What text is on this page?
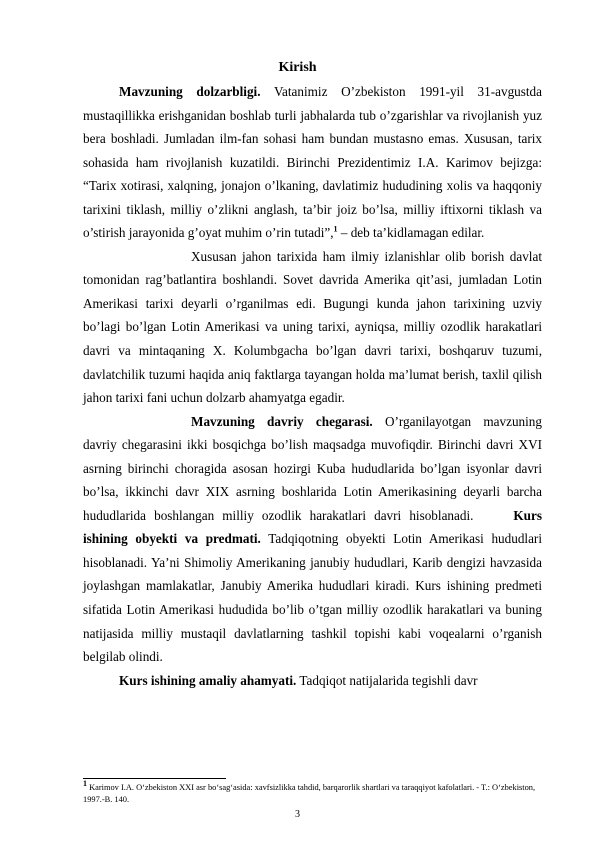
Kirish

Mavzuning dolzarbligi. Vatanimiz O’zbekiston 1991-yil 31-avgustda mustaqillikka erishganidan boshlab turli jabhalarda tub o’zgarishlar va rivojlanish yuz bera boshladi. Jumladan ilm-fan sohasi ham bundan mustasno emas. Xususan, tarix sohasida ham rivojlanish kuzatildi. Birinchi Prezidentimiz I.A. Karimov bejizga: “Tarix xotirasi, xalqning, jonajon o’lkaning, davlatimiz hududining xolis va haqqoniy tarixini tiklash, milliy o’zlikni anglash, ta’bir joiz bo’lsa, milliy iftixorni tiklash va o’stirish jarayonida g’oyat muhim o’rin tutadi”,$^1$ – deb ta’kidlamagan edilar.

Xususan jahon tarixida ham ilmiy izlanishlar olib borish davlat tomonidan rag’batlantira boshlandi. Sovet davrida Amerika qit’asi, jumladan Lotin Amerikasi tarixi deyarli o’rganilmas edi. Bugungi kunda jahon tarixining uzviy bo’lagi bo’lgan Lotin Amerikasi va uning tarixi, ayniqsa, milliy ozodlik harakatlari davri va mintaqaning X. Kolumbgacha bo’lgan davri tarixi, boshqaruv tuzumi, davlatchilik tuzumi haqida aniq faktlarga tayangan holda ma’lumat berish, taxlil qilish jahon tarixi fani uchun dolzarb ahamyatga egadir.

Mavzuning davriy chegarasi. O’rganilayotgan mavzuning davriy chegarasini ikki bosqichga bo’lish maqsadga muvofiqdir. Birinchi davri XVI asrning birinchi choragida asosan hozirgi Kuba hududlarida bo’lgan isyonlar davri bo’lsa, ikkinchi davr XIX asrning boshlarida Lotin Amerikasining deyarli barcha hududlarida boshlangan milliy ozodlik harakatlari davri hisoblanadi.	Kurs ishining obyekti va predmati. Tadqiqotning obyekti Lotin Amerikasi hududlari hisoblanadi. Ya’ni Shimoliy Amerikaning janubiy hududlari, Karib dengizi havzasida joylashgan mamlakatlar, Janubiy Amerika hududlari kiradi. Kurs ishining predmeti sifatida Lotin Amerikasi hududida bo’lib o’tgan milliy ozodlik harakatlari va buning natijasida milliy mustaqil davlatlarning tashkil topishi kabi voqealarni o’rganish belgilab olindi.

Kurs ishining amaliy ahamyati. Tadqiqot natijalarida tegishli davr

$^1$ Karimov I.A. O‘zbekiston XXI asr bo‘sag‘asida: xavfsizlikka tahdid, barqarorlik shartlari va taraqqiyot kafolatlari. - T.: O‘zbekiston, 1997.-B. 140.
3
